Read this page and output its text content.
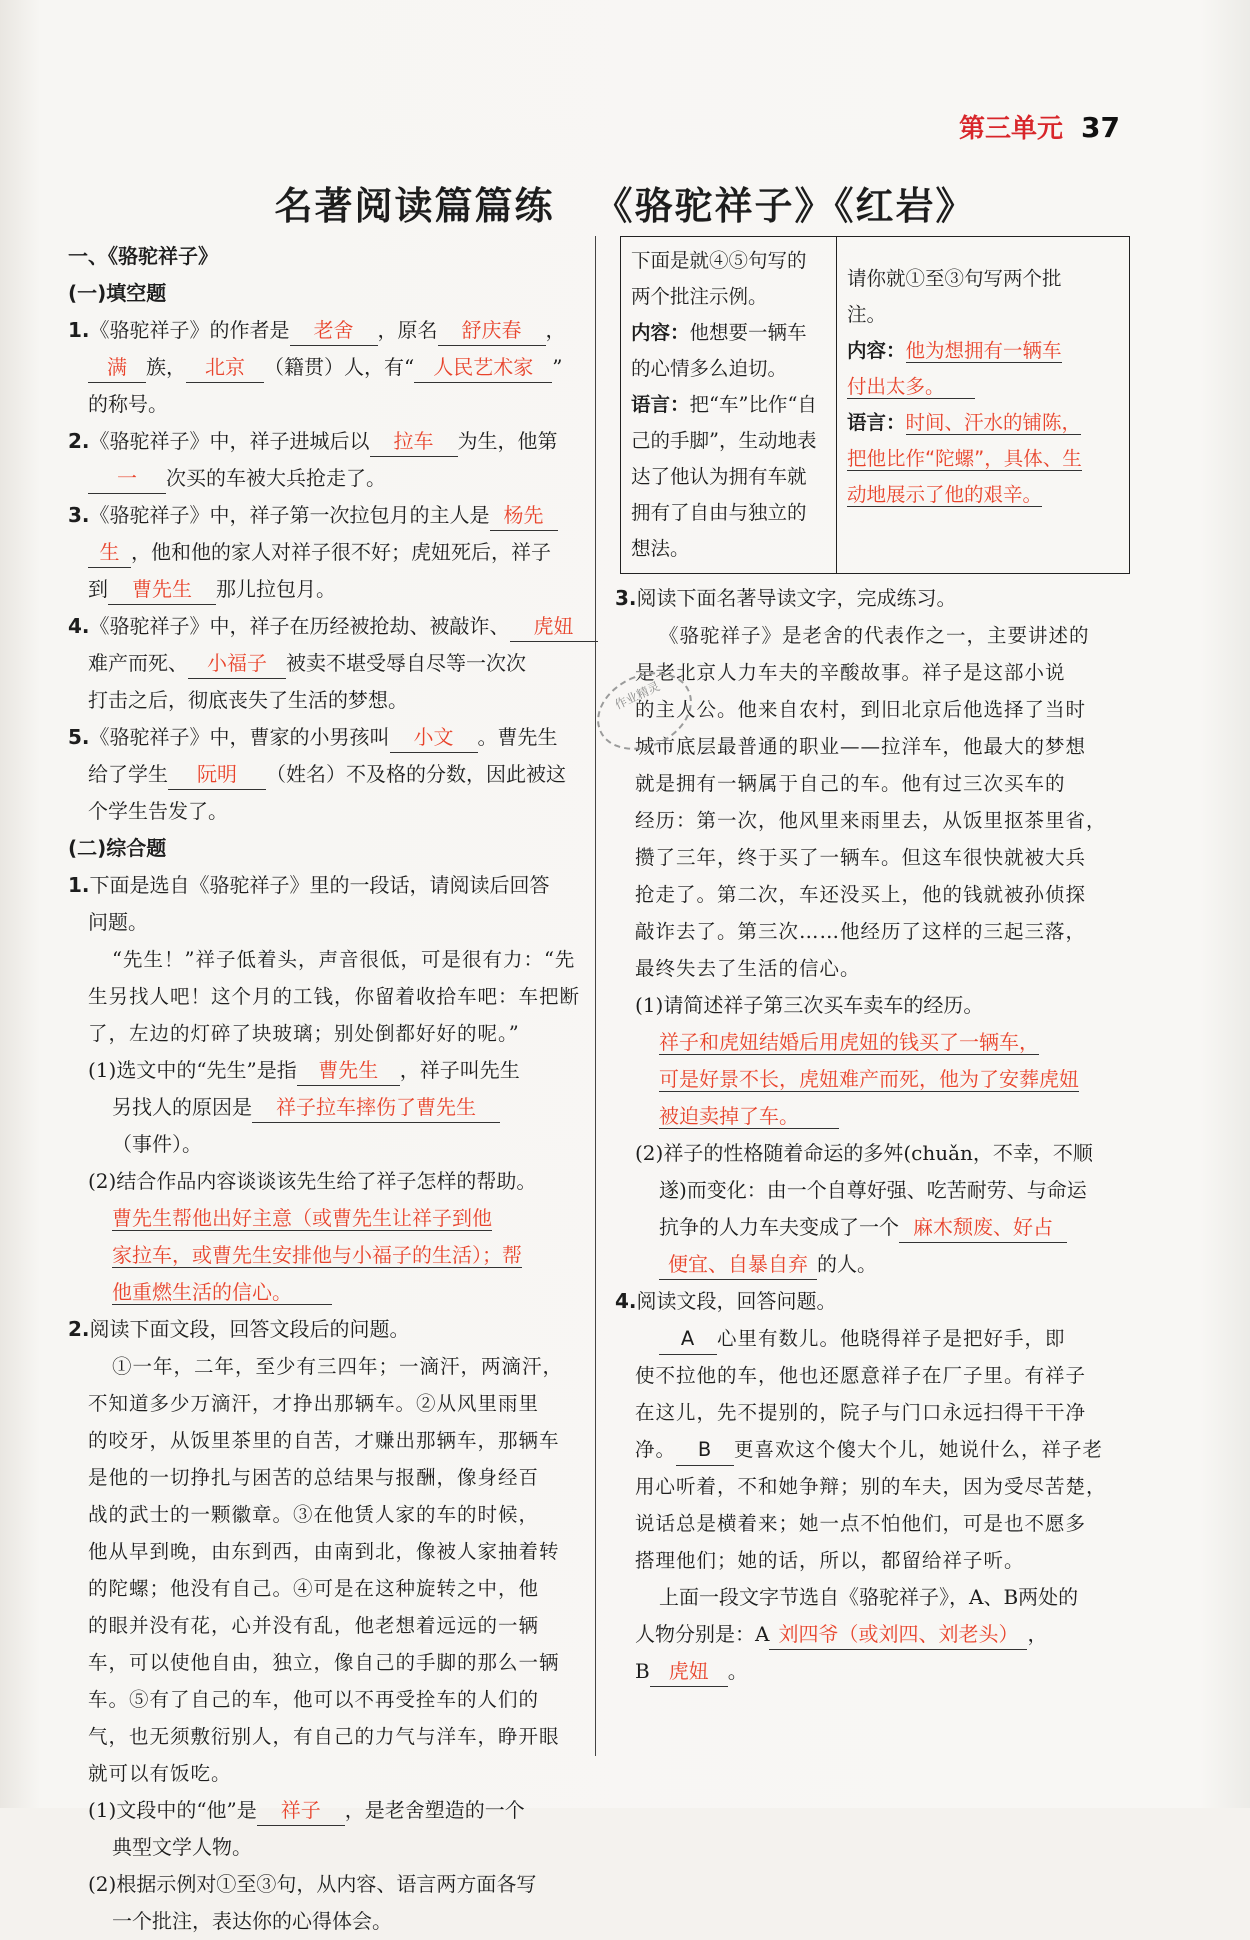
第三单元 37
名著阅读篇篇练 《骆驼祥子》《红岩》
一、《骆驼祥子》
(一)填空题
1.《骆驼祥子》的作者是 老舍 ，原名 舒庆春 ，
满 族， 北京 （籍贯）人，有“ 人民艺术家 ”
的称号。
2.《骆驼祥子》中，祥子进城后以 拉车 为生，他第
一 次买的车被大兵抢走了。
3.《骆驼祥子》中，祥子第一次拉包月的主人是 杨先
生 ，他和他的家人对祥子很不好；虎妞死后，祥子
到 曹先生 那儿拉包月。
4.《骆驼祥子》中，祥子在历经被抢劫、被敲诈、 虎妞
难产而死、 小福子 被卖不堪受辱自尽等一次次
打击之后，彻底丧失了生活的梦想。
5.《骆驼祥子》中，曹家的小男孩叫 小文 。曹先生
给了学生 阮明 （姓名）不及格的分数，因此被这
个学生告发了。
(二)综合题
1.下面是选自《骆驼祥子》里的一段话，请阅读后回答
问题。
“先生！”祥子低着头，声音很低，可是很有力：“先
生另找人吧！这个月的工钱，你留着收拾车吧：车把断
了，左边的灯碎了块玻璃；别处倒都好好的呢。”
(1)选文中的“先生”是指 曹先生 ，祥子叫先生
另找人的原因是 祥子拉车摔伤了曹先生
（事件）。
(2)结合作品内容谈谈该先生给了祥子怎样的帮助。
曹先生帮他出好主意（或曹先生让祥子到他
家拉车，或曹先生安排他与小福子的生活）；帮
他重燃生活的信心。
2.阅读下面文段，回答文段后的问题。
①一年，二年，至少有三四年；一滴汗，两滴汗，
不知道多少万滴汗，才挣出那辆车。②从风里雨里
的咬牙，从饭里茶里的自苦，才赚出那辆车，那辆车
是他的一切挣扎与困苦的总结果与报酬，像身经百
战的武士的一颗徽章。③在他赁人家的车的时候，
他从早到晚，由东到西，由南到北，像被人家抽着转
的陀螺；他没有自己。④可是在这种旋转之中，他
的眼并没有花，心并没有乱，他老想着远远的一辆
车，可以使他自由，独立，像自己的手脚的那么一辆
车。⑤有了自己的车，他可以不再受拴车的人们的
气，也无须敷衍别人，有自己的力气与洋车，睁开眼
就可以有饭吃。
(1)文段中的“他”是 祥子 ，是老舍塑造的一个
典型文学人物。
(2)根据示例对①至③句，从内容、语言两方面各写
一个批注，表达你的心得体会。
下面是就④⑤句写的
两个批注示例。
内容：他想要一辆车
的心情多么迫切。
语言：把“车”比作“自
己的手脚”，生动地表
达了他认为拥有车就
拥有了自由与独立的
想法。

请你就①至③句写两个批
注。
内容：他为想拥有一辆车
付出太多。
语言：时间、汗水的铺陈，
把他比作“陀螺”，具体、生
动地展示了他的艰辛。
3.阅读下面名著导读文字，完成练习。
《骆驼祥子》是老舍的代表作之一，主要讲述的
是老北京人力车夫的辛酸故事。祥子是这部小说
的主人公。他来自农村，到旧北京后他选择了当时
城市底层最普通的职业——拉洋车，他最大的梦想
就是拥有一辆属于自己的车。他有过三次买车的
经历：第一次，他风里来雨里去，从饭里抠茶里省，
攒了三年，终于买了一辆车。但这车很快就被大兵
抢走了。第二次，车还没买上，他的钱就被孙侦探
敲诈去了。第三次……他经历了这样的三起三落，
最终失去了生活的信心。
(1)请简述祥子第三次买车卖车的经历。
祥子和虎妞结婚后用虎妞的钱买了一辆车，
可是好景不长，虎妞难产而死，他为了安葬虎妞
被迫卖掉了车。
(2)祥子的性格随着命运的多舛(chuǎn，不幸，不顺
遂)而变化：由一个自尊好强、吃苦耐劳、与命运
抗争的人力车夫变成了一个 麻木颓废、好占
便宜、自暴自弃 的人。
4.阅读文段，回答问题。
A 心里有数儿。他晓得祥子是把好手，即
使不拉他的车，他也还愿意祥子在厂子里。有祥子
在这儿，先不提别的，院子与门口永远扫得干干净
净。 B 更喜欢这个傻大个儿，她说什么，祥子老
用心听着，不和她争辩；别的车夫，因为受尽苦楚，
说话总是横着来；她一点不怕他们，可是也不愿多
搭理他们；她的话，所以，都留给祥子听。
上面一段文字节选自《骆驼祥子》，A、B两处的
人物分别是：A 刘四爷（或刘四、刘老头） ，
B 虎妞 。
作业精灵
